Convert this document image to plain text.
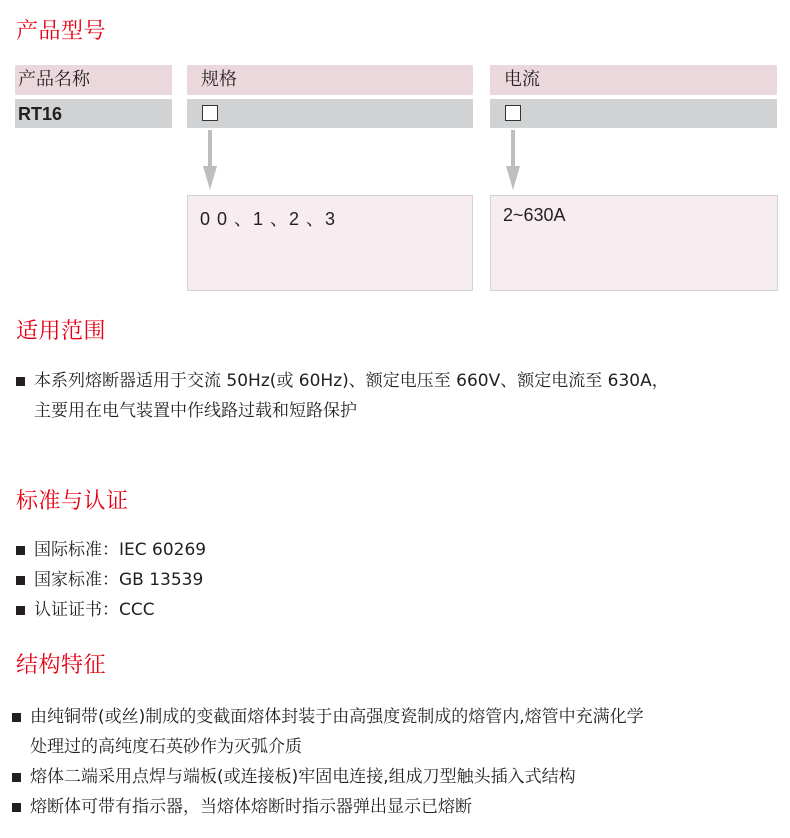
产品型号
产品名称
RT16
规格	电流
0 0 、1 、2 、3	2~630A
适用范围
本系列熔断器适用于交流 50Hz(或 60Hz)、额定电压至 660V、额定电流至 630A，
主要用在电气装置中作线路过载和短路保护
标准与认证
国际标准：IEC 60269
国家标准：GB 13539
认证证书：CCC
结构特征
由纯铜带(或丝)制成的变截面熔体封装于由高强度瓷制成的熔管内,熔管中充满化学
处理过的高纯度石英砂作为灭弧介质
熔体二端采用点焊与端板(或连接板)牢固电连接,组成刀型触头插入式结构
熔断体可带有指示器，当熔体熔断时指示器弹出显示已熔断
